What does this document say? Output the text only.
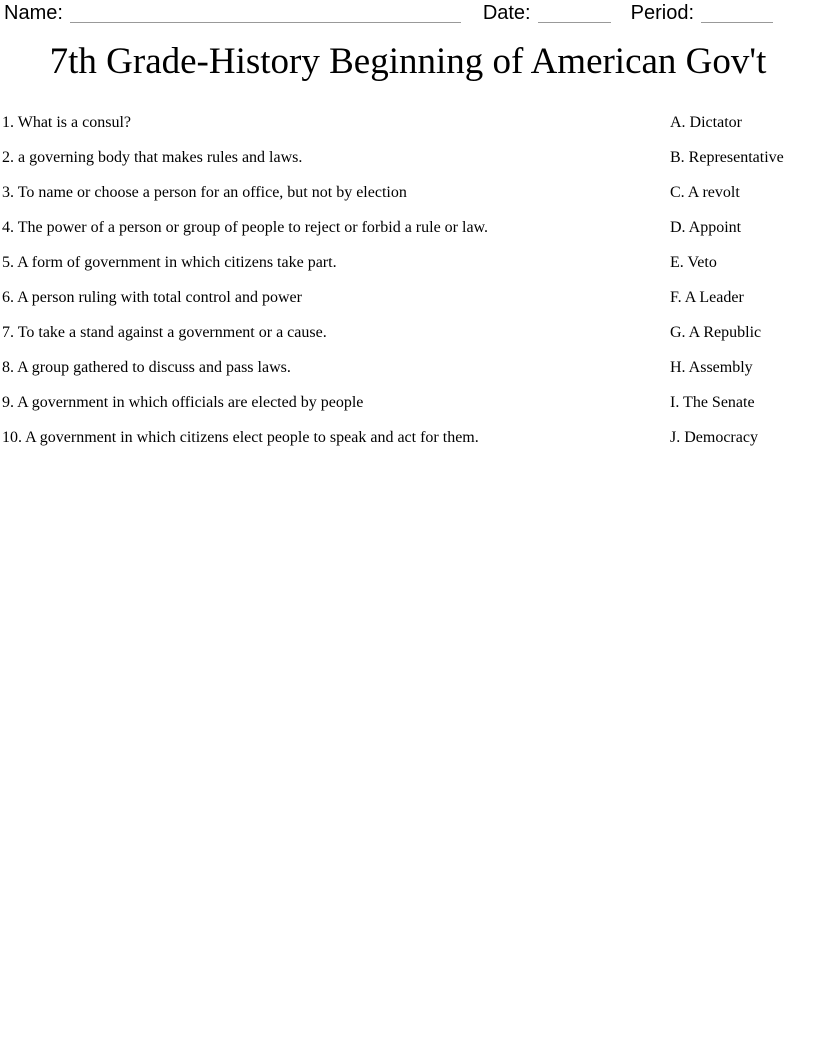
Name:	Date:	Period:
7th Grade-History Beginning of American Gov't
1. What is a consul?	A. Dictator
2. a governing body that makes rules and laws.	B. Representative
3. To name or choose a person for an office, but not by election	C. A revolt
4. The power of a person or group of people to reject or forbid a rule or law.	D. Appoint
5. A form of government in which citizens take part.	E. Veto
6. A person ruling with total control and power	F. A Leader
7. To take a stand against a government or a cause.	G. A Republic
8. A group gathered to discuss and pass laws.	H. Assembly
9. A government in which officials are elected by people	I. The Senate
10. A government in which citizens elect people to speak and act for them.	J. Democracy
